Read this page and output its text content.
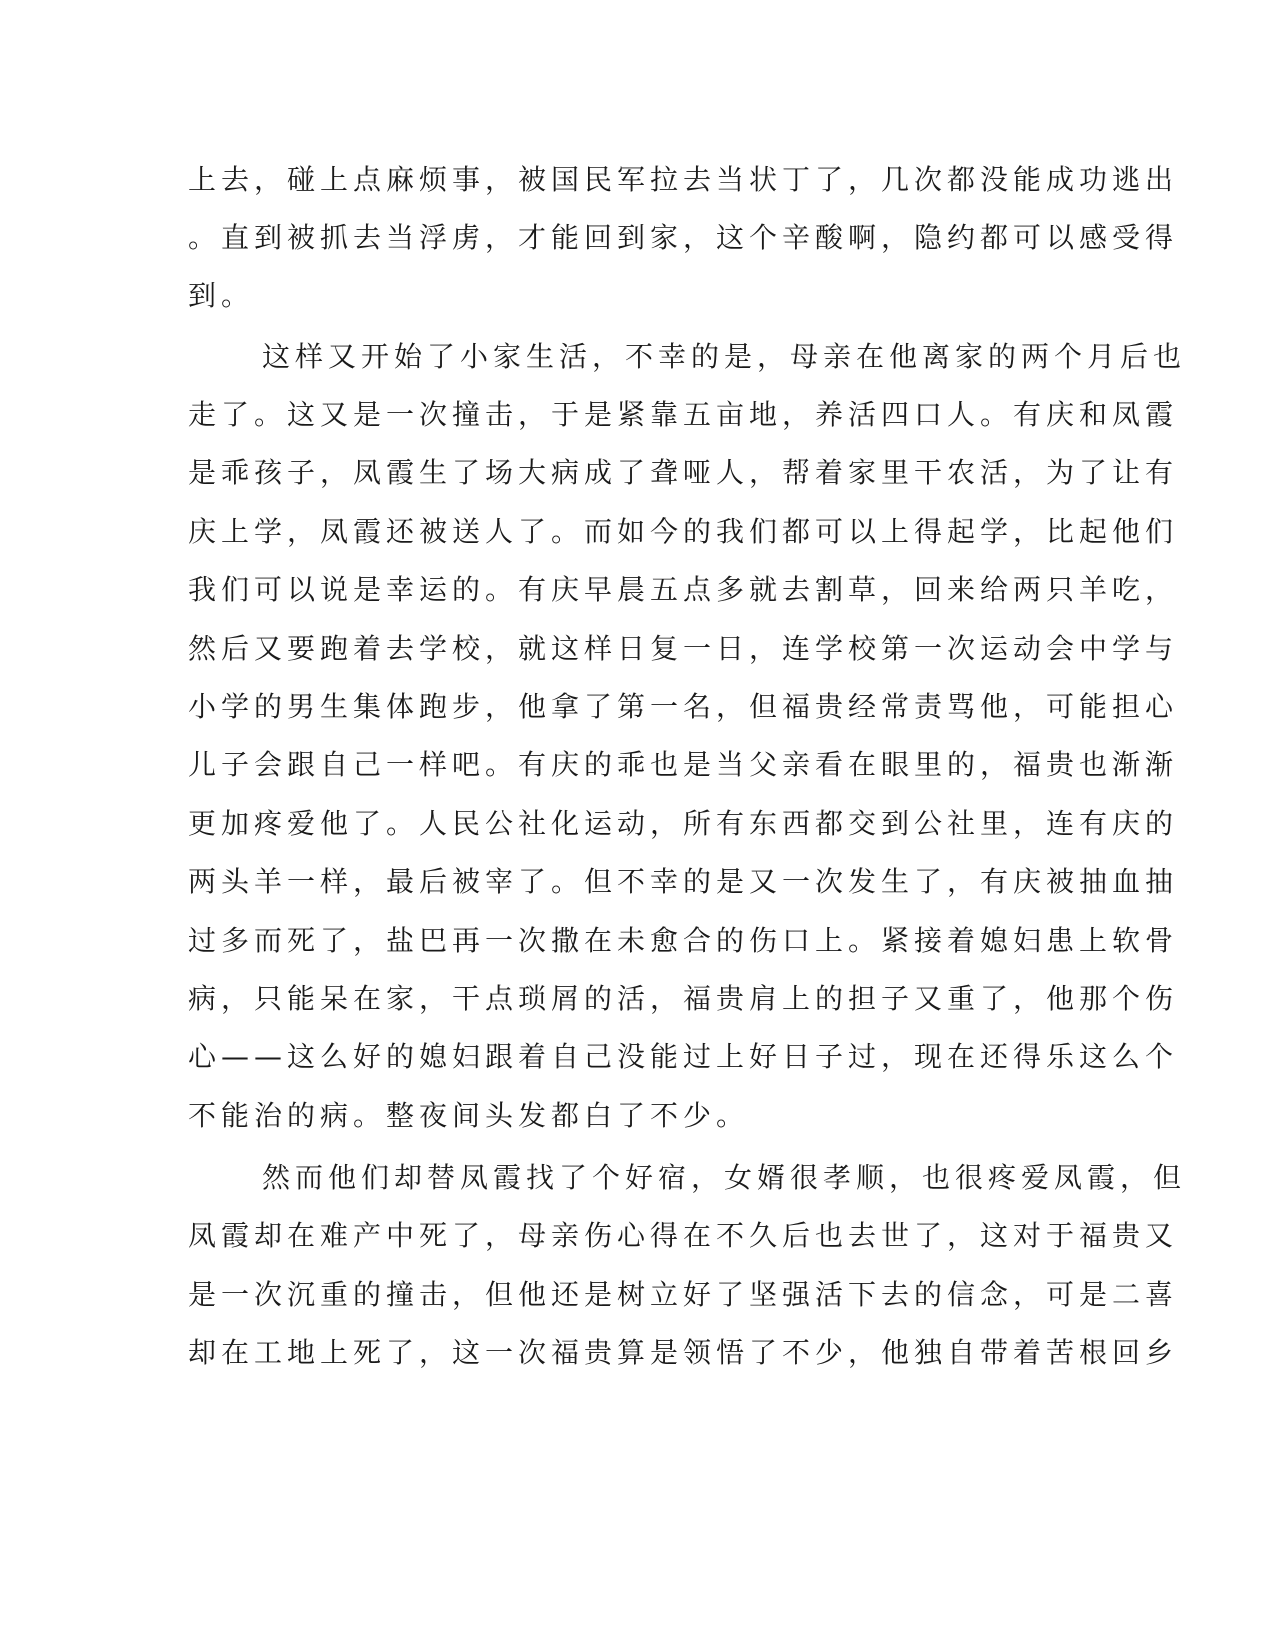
上去，碰上点麻烦事，被国民军拉去当状丁了，几次都没能成功逃出
。直到被抓去当浮虏，才能回到家，这个辛酸啊，隐约都可以感受得
到。
这样又开始了小家生活，不幸的是，母亲在他离家的两个月后也
走了。这又是一次撞击，于是紧靠五亩地，养活四口人。有庆和凤霞
是乖孩子，凤霞生了场大病成了聋哑人，帮着家里干农活，为了让有
庆上学，凤霞还被送人了。而如今的我们都可以上得起学，比起他们
我们可以说是幸运的。有庆早晨五点多就去割草，回来给两只羊吃，
然后又要跑着去学校，就这样日复一日，连学校第一次运动会中学与
小学的男生集体跑步，他拿了第一名，但福贵经常责骂他，可能担心
儿子会跟自己一样吧。有庆的乖也是当父亲看在眼里的，福贵也渐渐
更加疼爱他了。人民公社化运动，所有东西都交到公社里，连有庆的
两头羊一样，最后被宰了。但不幸的是又一次发生了，有庆被抽血抽
过多而死了，盐巴再一次撒在未愈合的伤口上。紧接着媳妇患上软骨
病，只能呆在家，干点琐屑的活，福贵肩上的担子又重了，他那个伤
心——这么好的媳妇跟着自己没能过上好日子过，现在还得乐这么个
不能治的病。整夜间头发都白了不少。
然而他们却替凤霞找了个好宿，女婿很孝顺，也很疼爱凤霞，但
凤霞却在难产中死了，母亲伤心得在不久后也去世了，这对于福贵又
是一次沉重的撞击，但他还是树立好了坚强活下去的信念，可是二喜
却在工地上死了，这一次福贵算是领悟了不少，他独自带着苦根回乡
